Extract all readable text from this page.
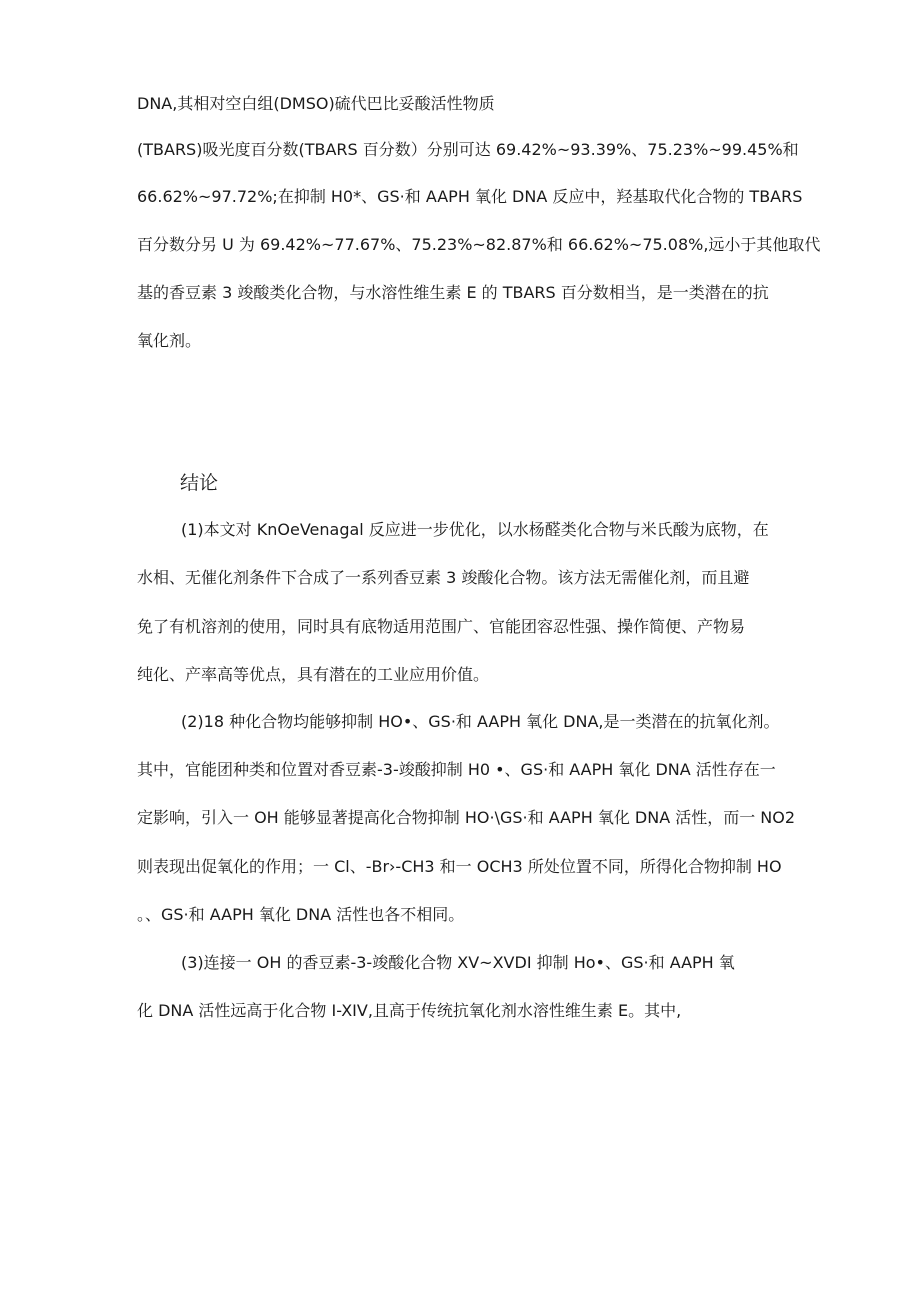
DNA,其相对空白组(DMSO)硫代巴比妥酸活性物质
(TBARS)吸光度百分数(TBARS 百分数）分别可达 69.42%~93.39%、75.23%~99.45%和
66.62%~97.72%;在抑制 H0*、GS·和 AAPH 氧化 DNA 反应中，羟基取代化合物的 TBARS
百分数分另 U 为 69.42%~77.67%、75.23%~82.87%和 66.62%~75.08%,远小于其他取代
基的香豆素 3 竣酸类化合物，与水溶性维生素 E 的 TBARS 百分数相当，是一类潜在的抗
氧化剂。
结论
(1)本文对 KnOeVenagal 反应进一步优化，以水杨醛类化合物与米氏酸为底物，在
水相、无催化剂条件下合成了一系列香豆素 3 竣酸化合物。该方法无需催化剂，而且避
免了有机溶剂的使用，同时具有底物适用范围广、官能团容忍性强、操作简便、产物易
纯化、产率高等优点，具有潜在的工业应用价值。
(2)18 种化合物均能够抑制 HO•、GS·和 AAPH 氧化 DNA,是一类潜在的抗氧化剂。
其中，官能团种类和位置对香豆素-3-竣酸抑制 H0 •、GS·和 AAPH 氧化 DNA 活性存在一
定影响，引入一 OH 能够显著提高化合物抑制 HO·\GS·和 AAPH 氧化 DNA 活性，而一 NO2
则表现出促氧化的作用；一 Cl、-Br›-CH3 和一 OCH3 所处位置不同，所得化合物抑制 HO
。、GS·和 AAPH 氧化 DNA 活性也各不相同。
(3)连接一 OH 的香豆素-3-竣酸化合物 XV~XVDI 抑制 Ho•、GS·和 AAPH 氧
化 DNA 活性远高于化合物 I-XIV,且高于传统抗氧化剂水溶性维生素 E。其中,
